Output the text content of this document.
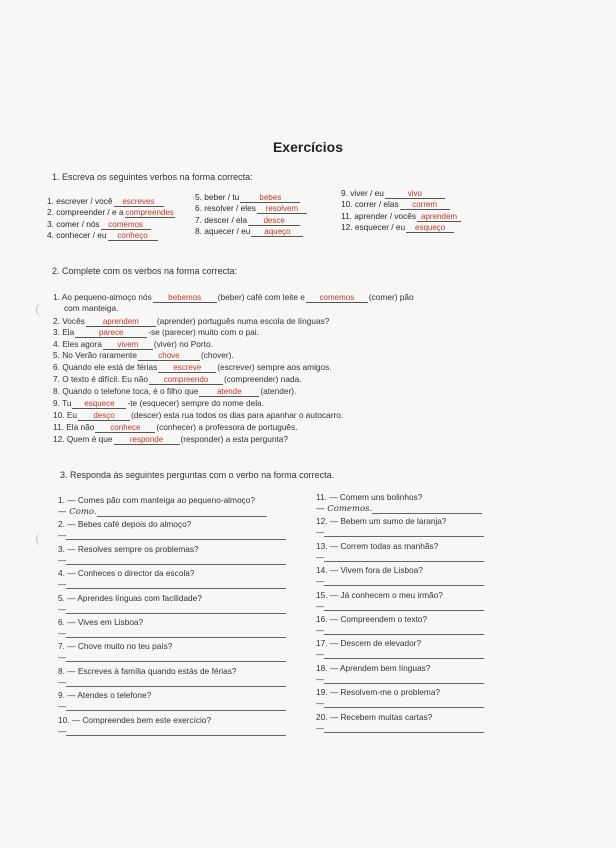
Exercícios
1. Escreva os seguintes verbos na forma correcta:
1. escrever / você escreves
2. compreender / e a compreendes
3. comer / nós comemos
4. conhecer / eu conheço
5. beber / tu	bebes
6. resolver / eles resolvem
7. descer / ela desce
8. aquecer / eu aqueço
9. viver / eu	vivo
10. correr / elas correm
11. aprender / vocês aprendem
12. esquecer / eu esqueço
2. Complete com os verbos na forma correcta:
1. Ao pequeno-almoço nós bebemos (beber) café com leite e comemos (comer) pão
com manteiga.
2. Vocês aprendem (aprender) português numa escola de línguas?
3. Ela	parece	-se (parecer) muito com o pai.
4. Eles agora vivem (viver) no Porto.
5. No Verão raramente	chove	(chover).
6. Quando ele está de férias escreve (escrever) sempre aos amigos.
7. O texto é difícil. Eu não compreendo (compreender) nada.
8. Quando o telefone toca, é o filho que atende (atender).
9. Tu esquece -te (esquecer) sempre do nome dela.
10. Eu desço (descer) esta rua todos os dias para apanhar o autocarro.
11. Ela não conhece (conhecer) a professora de português.
12. Quem é que responde (responder) a esta pergunta?
3. Responda às seguintes perguntas com o verbo na forma correcta.
1. — Comes pão com manteiga ao pequeno-almoço?
— Como.
2. — Bebes café depois do almoço?
—
3. — Resolves sempre os problemas?
—
4. — Conheces o director da escola?
—
5. — Aprendes línguas com facilidade?
—
6. — Vives em Lisboa?
—
7. — Chove muito no teu país?
—
8. — Escreves à família quando estás de férias?
—
9. — Atendes o telefone?
—
10. — Compreendes bem este exercício?
—
11. — Comem uns bolinhos?
— Comemos.
12. — Bebem um sumo de laranja?
—
13. — Correm todas as manhãs?
—
14. — Vivem fora de Lisboa?
—
15. — Já conhecem o meu irmão?
—
16. — Compreendem o texto?
—
17. — Descem de elevador?
—
18. — Aprendem bem línguas?
—
19. — Resolvem-me o problema?
—
20. — Recebem muitas cartas?
—
